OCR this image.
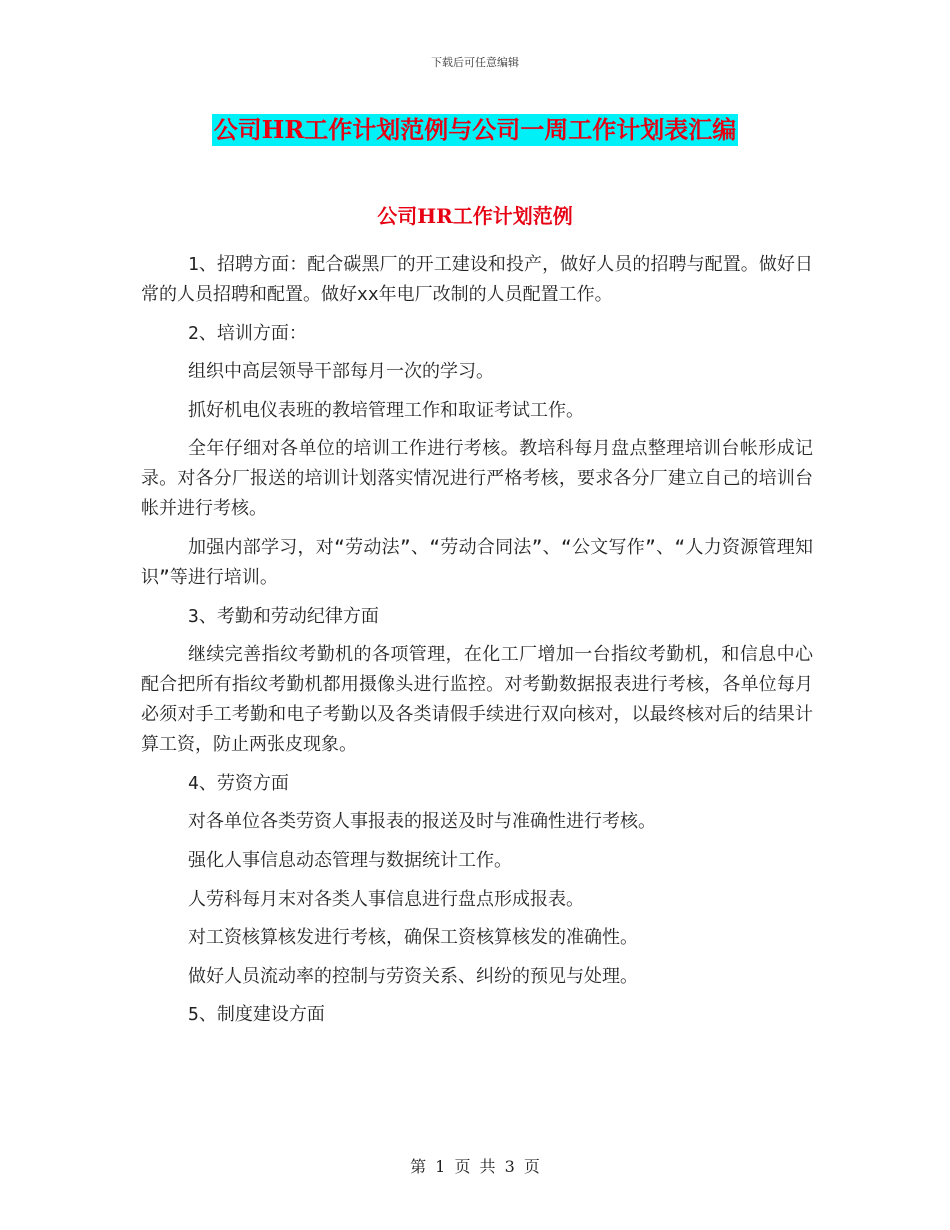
下载后可任意编辑
公司HR工作计划范例与公司一周工作计划表汇编
公司HR工作计划范例

1、招聘方面：配合碳黑厂的开工建设和投产，做好人员的招聘与配置。做好日常的人员招聘和配置。做好xx年电厂改制的人员配置工作。

2、培训方面：

组织中高层领导干部每月一次的学习。

抓好机电仪表班的教培管理工作和取证考试工作。

全年仔细对各单位的培训工作进行考核。教培科每月盘点整理培训台帐形成记录。对各分厂报送的培训计划落实情况进行严格考核，要求各分厂建立自己的培训台帐并进行考核。

加强内部学习，对“劳动法”、“劳动合同法”、“公文写作”、“人力资源管理知识”等进行培训。

3、考勤和劳动纪律方面

继续完善指纹考勤机的各项管理，在化工厂增加一台指纹考勤机，和信息中心配合把所有指纹考勤机都用摄像头进行监控。对考勤数据报表进行考核，各单位每月必须对手工考勤和电子考勤以及各类请假手续进行双向核对，以最终核对后的结果计算工资，防止两张皮现象。

4、劳资方面

对各单位各类劳资人事报表的报送及时与准确性进行考核。

强化人事信息动态管理与数据统计工作。

人劳科每月末对各类人事信息进行盘点形成报表。

对工资核算核发进行考核，确保工资核算核发的准确性。

做好人员流动率的控制与劳资关系、纠纷的预见与处理。

5、制度建设方面

第 1 页 共 3 页
